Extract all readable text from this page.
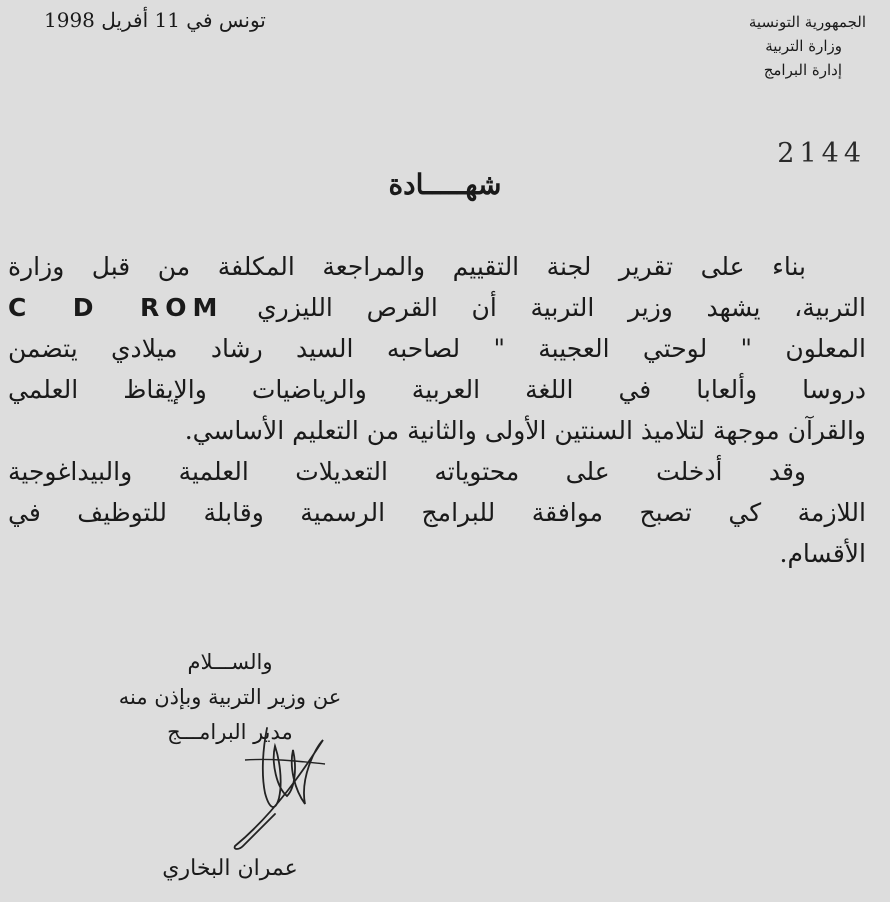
تونس في 11 أفريل 1998	الجمهورية التونسية
وزارة التربية
إدارة البرامج
2144
شهـــــادة
بناء على تقرير لجنة التقييم والمراجعة المكلفة من قبل وزارة
التربية، يشهد وزير التربية أن القرص الليزري C D ROM
المعلون " لوحتي العجيبة " لصاحبه السيد رشاد ميلادي يتضمن
دروسا وألعابا في اللغة العربية والرياضيات والإيقاظ العلمي
والقرآن موجهة لتلاميذ السنتين الأولى والثانية من التعليم الأساسي.
وقد أدخلت على محتوياته التعديلات العلمية والبيداغوجية
اللازمة كي تصبح موافقة للبرامج الرسمية وقابلة للتوظيف في
الأقسام.
والســـلام
عن وزير التربية وبإذن منه
مدير البرامـــج
عمران البخاري
